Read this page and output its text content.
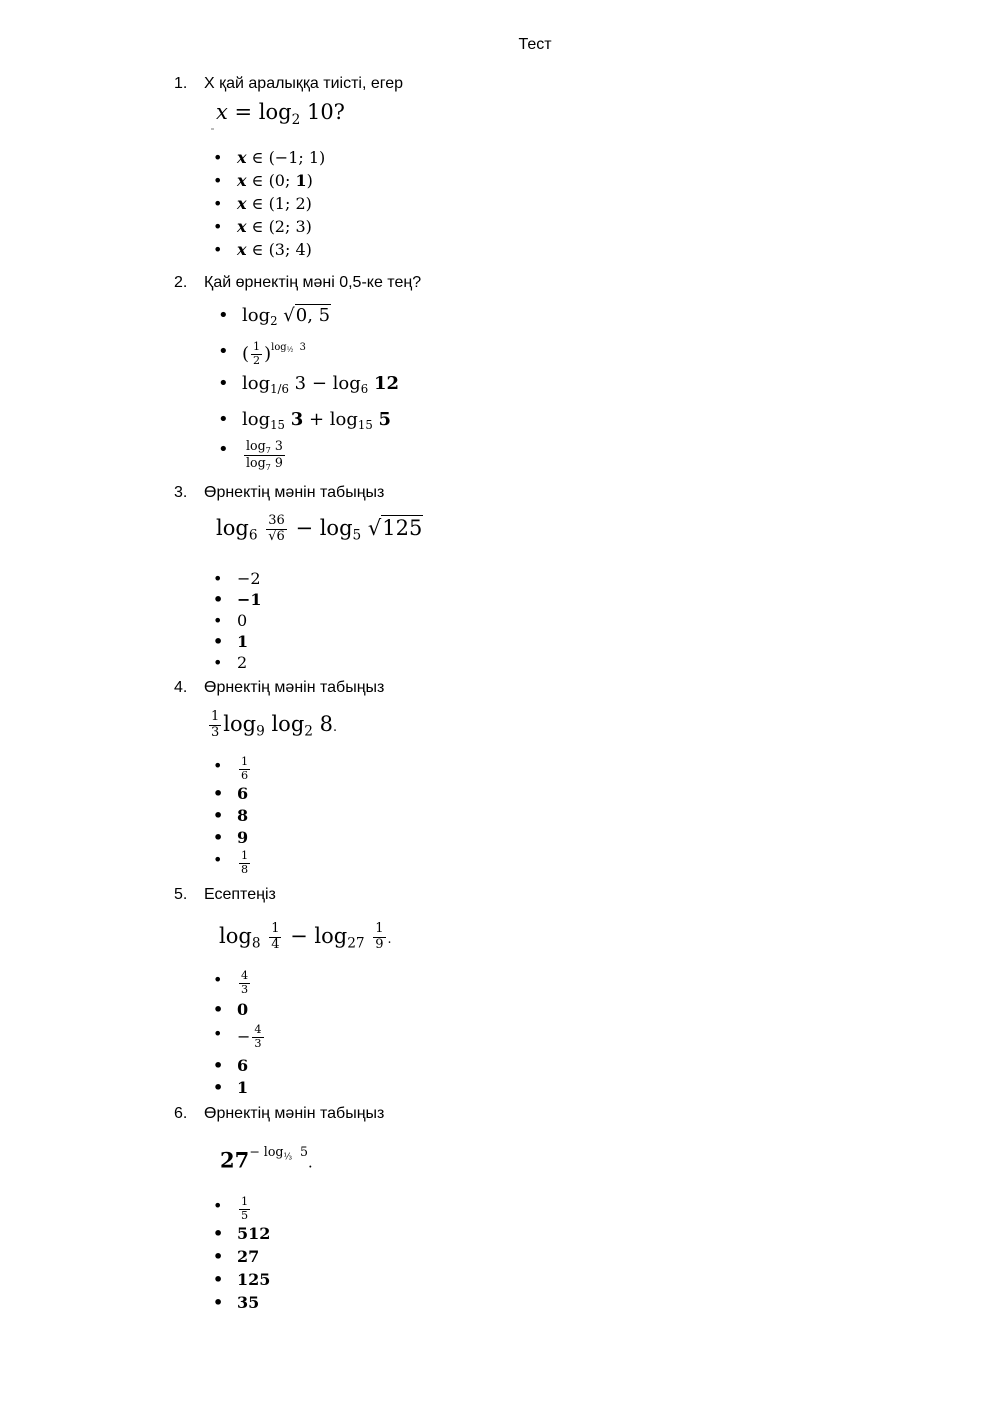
Тест
1. X қай аралыққа тиісті, егер
$x = \log_2 10$?
• x ∈ (−1; 1)
• x ∈ (0; 1)
• x ∈ (1; 2)
• x ∈ (2; 3)
• x ∈ (3; 4)
2. Қай өрнектің мәні 0,5-ке тең?
• $\log_2 √0$, 5
• ( $\frac{1}{2} )^{log_{\frac{1}{2}} 3}$
• $\log_{1/6} 3 - \log_6 12$
• $\log_{15} 3 + \log_{15} 5$
• $\frac{\log_7 3}{\log_7 9}$
3. Өрнектің мәнін табыңыз
$\log_6 \frac{36}{√6} - \log_5 √125$
• −2
• −1
• 0
• 1
• 2
4. Өрнектің мәнін табыңыз
$\frac{1}{3} \log_9 \log_2 8$.
• $\frac{1}{6}$
• 6
• 8
• 9
• $\frac{1}{8}$
5. Есептеңіз
$\log_8 \frac{1}{4} - \log_{27} \frac{1}{9}$ .
• $\frac{4}{3}$
• 0
• − $\frac{4}{3}$
• 6
• 1
6. Өрнектің мәнін табыңыз
$27^{- log_{\frac{1}{3}} 5}$.
• $\frac{1}{5}$
• 512
• 27
• 125
• 35
